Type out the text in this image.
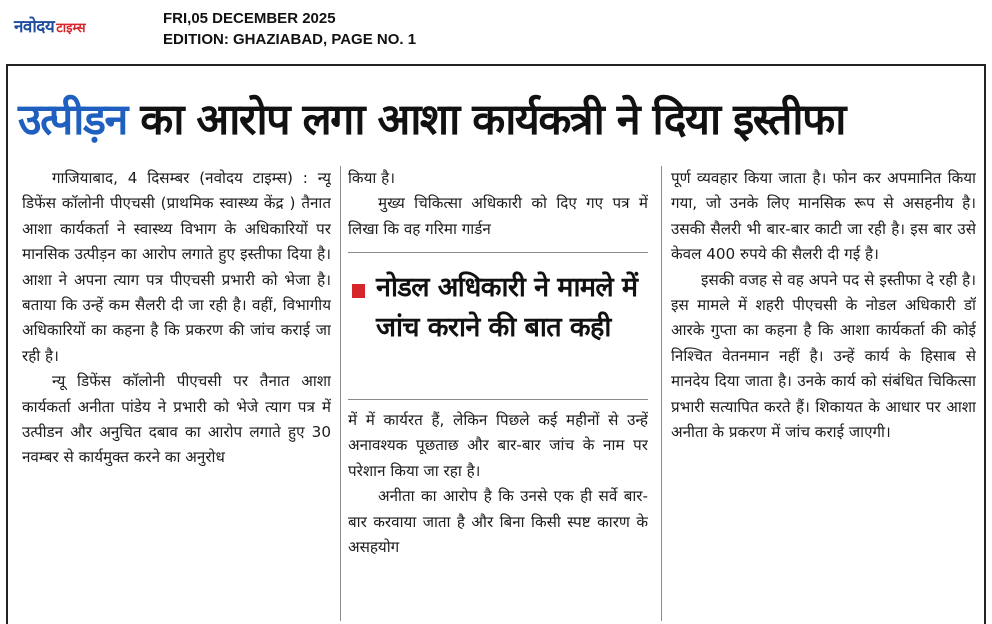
नवोदय टाइम्स
FRI,05 DECEMBER 2025
EDITION: GHAZIABAD, PAGE NO. 1
उत्पीड़न का आरोप लगा आशा कार्यकत्री ने दिया इस्तीफा

गाजियाबाद, 4 दिसम्बर (नवोदय टाइम्स) : न्यू डिफेंस कॉलोनी पीएचसी (प्राथमिक स्वास्थ्य केंद्र ) तैनात आशा कार्यकर्ता ने स्वास्थ्य विभाग के अधिकारियों पर मानसिक उत्पीड़न का आरोप लगाते हुए इस्तीफा दिया है। आशा ने अपना त्याग पत्र पीएचसी प्रभारी को भेजा है। बताया कि उन्हें कम सैलरी दी जा रही है। वहीं, विभागीय अधिकारियों का कहना है कि प्रकरण की जांच कराई जा रही है।

न्यू डिफेंस कॉलोनी पीएचसी पर तैनात आशा कार्यकर्ता अनीता पांडेय ने प्रभारी को भेजे त्याग पत्र में उत्पीडन और अनुचित दबाव का आरोप लगाते हुए 30 नवम्बर से कार्यमुक्त करने का अनुरोध

किया है।

मुख्य चिकित्सा अधिकारी को दिए गए पत्र में लिखा कि वह गरिमा गार्डन

नोडल अधिकारी ने मामले में जांच कराने की बात कही

में में कार्यरत हैं, लेकिन पिछले कई महीनों से उन्हें अनावश्यक पूछताछ और बार-बार जांच के नाम पर परेशान किया जा रहा है।

अनीता का आरोप है कि उनसे एक ही सर्वे बार-बार करवाया जाता है और बिना किसी स्पष्ट कारण के असहयोग

पूर्ण व्यवहार किया जाता है। फोन कर अपमानित किया गया, जो उनके लिए मानसिक रूप से असहनीय है। उसकी सैलरी भी बार-बार काटी जा रही है। इस बार उसे केवल 400 रुपये की सैलरी दी गई है।

इसकी वजह से वह अपने पद से इस्तीफा दे रही है। इस मामले में शहरी पीएचसी के नोडल अधिकारी डॉ आरके गुप्ता का कहना है कि आशा कार्यकर्ता की कोई निश्चित वेतनमान नहीं है। उन्हें कार्य के हिसाब से मानदेय दिया जाता है। उनके कार्य को संबंधित चिकित्सा प्रभारी सत्यापित करते हैं। शिकायत के आधार पर आशा अनीता के प्रकरण में जांच कराई जाएगी।
